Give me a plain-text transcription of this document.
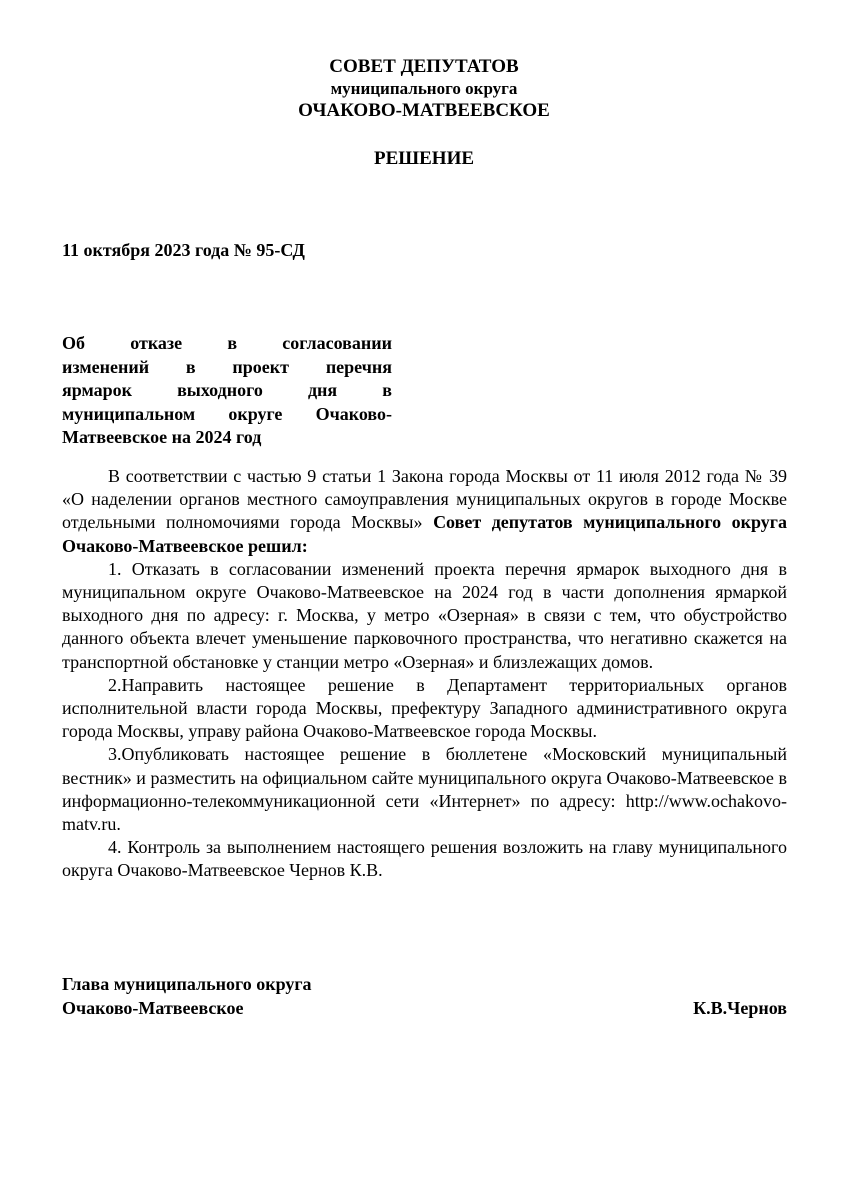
СОВЕТ ДЕПУТАТОВ
муниципального округа
ОЧАКОВО-МАТВЕЕВСКОЕ
РЕШЕНИЕ
11 октября 2023 года № 95-СД
Об отказе в согласовании
изменений в проект перечня
ярмарок выходного дня в
муниципальном округе Очаково-
Матвеевское на 2024 год

В соответствии с частью 9 статьи 1 Закона города Москвы от 11 июля 2012 года № 39 «О наделении органов местного самоуправления муниципальных округов в городе Москве отдельными полномочиями города Москвы» Совет депутатов муниципального округа Очаково-Матвеевское решил:

1. Отказать в согласовании изменений проекта перечня ярмарок выходного дня в муниципальном округе Очаково-Матвеевское на 2024 год в части дополнения ярмаркой выходного дня по адресу: г. Москва, у метро «Озерная» в связи с тем, что обустройство данного объекта влечет уменьшение парковочного пространства, что негативно скажется на транспортной обстановке у станции метро «Озерная» и близлежащих домов.

2.Направить настоящее решение в Департамент территориальных органов исполнительной власти города Москвы, префектуру Западного административного округа города Москвы, управу района Очаково-Матвеевское города Москвы.

3.Опубликовать настоящее решение в бюллетене «Московский муниципальный вестник» и разместить на официальном сайте муниципального округа Очаково-Матвеевское в информационно-телекоммуникационной сети «Интернет» по адресу: http://www.ochakovo-matv.ru.

4. Контроль за выполнением настоящего решения возложить на главу муниципального округа Очаково-Матвеевское Чернов К.В.

Глава муниципального округа
Очаково-Матвеевское	К.В.Чернов
